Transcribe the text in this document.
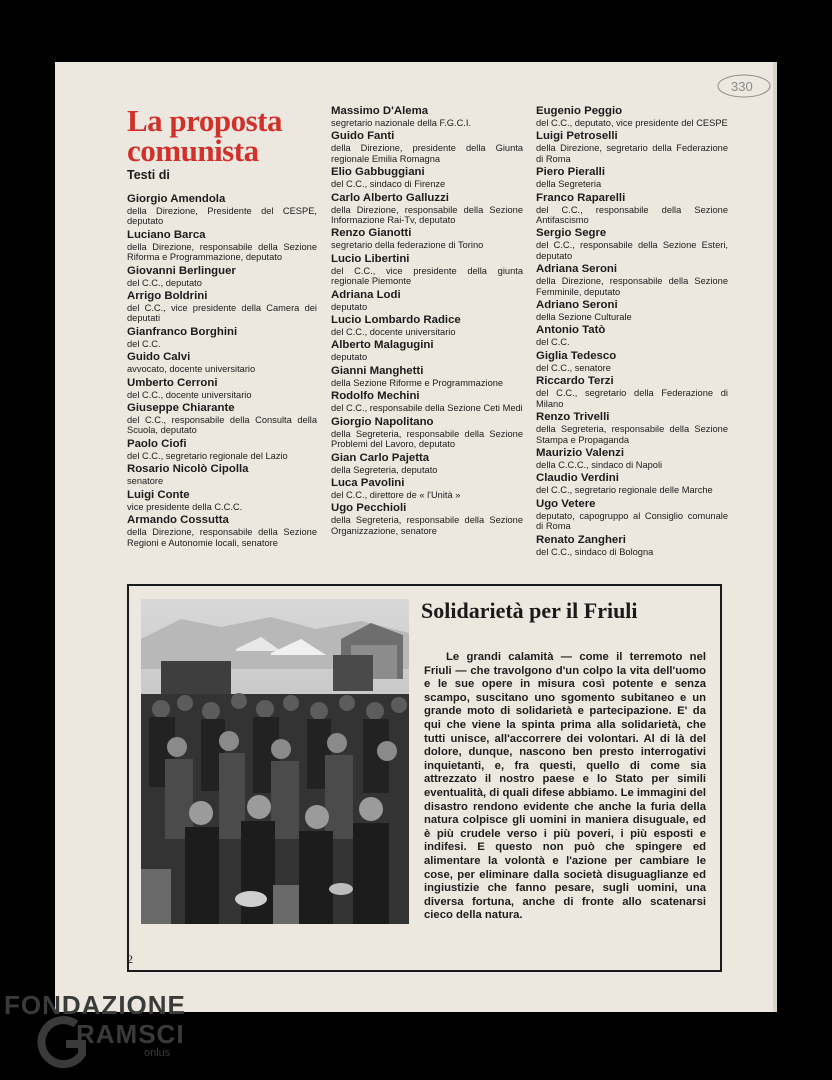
330
La proposta
comunista
Testi di
Giorgio Amendola
della Direzione, Presidente del CESPE, deputato
Luciano Barca
della Direzione, responsabile della Sezione Riforma e Programmazione, deputato
Giovanni Berlinguer
del C.C., deputato
Arrigo Boldrini
del C.C., vice presidente della Camera dei deputati
Gianfranco Borghini
del C.C.
Guido Calvi
avvocato, docente universitario
Umberto Cerroni
del C.C., docente universitario
Giuseppe Chiarante
del C.C., responsabile della Consulta della Scuola, deputato
Paolo Ciofi
del C.C., segretario regionale del Lazio
Rosario Nicolò Cipolla
senatore
Luigi Conte
vice presidente della C.C.C.
Armando Cossutta
della Direzione, responsabile della Sezione Regioni e Autonomie locali, senatore
Massimo D'Alema
segretario nazionale della F.G.C.I.
Guido Fanti
della Direzione, presidente della Giunta regionale Emilia Romagna
Elio Gabbuggiani
del C.C., sindaco di Firenze
Carlo Alberto Galluzzi
della Direzione, responsabile della Sezione Informazione Rai-Tv, deputato
Renzo Gianotti
segretario della federazione di Torino
Lucio Libertini
del C.C., vice presidente della giunta regionale Piemonte
Adriana Lodi
deputato
Lucio Lombardo Radice
del C.C., docente universitario
Alberto Malagugini
deputato
Gianni Manghetti
della Sezione Riforme e Programmazione
Rodolfo Mechini
del C.C., responsabile della Sezione Ceti Medi
Giorgio Napolitano
della Segreteria, responsabile della Sezione Problemi del Lavoro, deputato
Gian Carlo Pajetta
della Segreteria, deputato
Luca Pavolini
del C.C., direttore de « l'Unità »
Ugo Pecchioli
della Segreteria, responsabile della Sezione Organizzazione, senatore
Eugenio Peggio
del C.C., deputato, vice presidente del CESPE
Luigi Petroselli
della Direzione, segretario della Federazione di Roma
Piero Pieralli
della Segreteria
Franco Raparelli
del C.C., responsabile della Sezione Antifascismo
Sergio Segre
del C.C., responsabile della Sezione Esteri, deputato
Adriana Seroni
della Direzione, responsabile della Sezione Femminile, deputato
Adriano Seroni
della Sezione Culturale
Antonio Tatò
del C.C.
Giglia Tedesco
del C.C., senatore
Riccardo Terzi
del C.C., segretario della Federazione di Milano
Renzo Trivelli
della Segreteria, responsabile della Sezione Stampa e Propaganda
Maurizio Valenzi
della C.C.C., sindaco di Napoli
Claudio Verdini
del C.C., segretario regionale delle Marche
Ugo Vetere
deputato, capogruppo al Consiglio comunale di Roma
Renato Zangheri
del C.C., sindaco di Bologna
Solidarietà per il Friuli
Le grandi calamità — come il terremoto nel Friuli — che travolgono d'un colpo la vita dell'uomo e le sue opere in misura così potente e senza scampo, suscitano uno sgomento subitaneo e un grande moto di solidarietà e partecipazione. E' da qui che viene la spinta prima alla solidarietà, che tutti unisce, all'accorrere dei volontari. Al di là del dolore, dunque, nascono ben presto interrogativi inquietanti, e, fra questi, quello di come sia attrezzato il nostro paese e lo Stato per simili eventualità, di quali difese abbiamo. Le immagini del disastro rendono evidente che anche la furia della natura colpisce gli uomini in maniera disuguale, ed è più crudele verso i più poveri, i più esposti e indifesi. E questo non può che spingere ed alimentare la volontà e l'azione per cambiare le cose, per eliminare dalla società disuguaglianze ed ingiustizie che fanno pesare, sugli uomini, una diversa fortuna, anche di fronte allo scatenarsi cieco della natura.
2
FONDAZIONE
RAMSCI
onlus
